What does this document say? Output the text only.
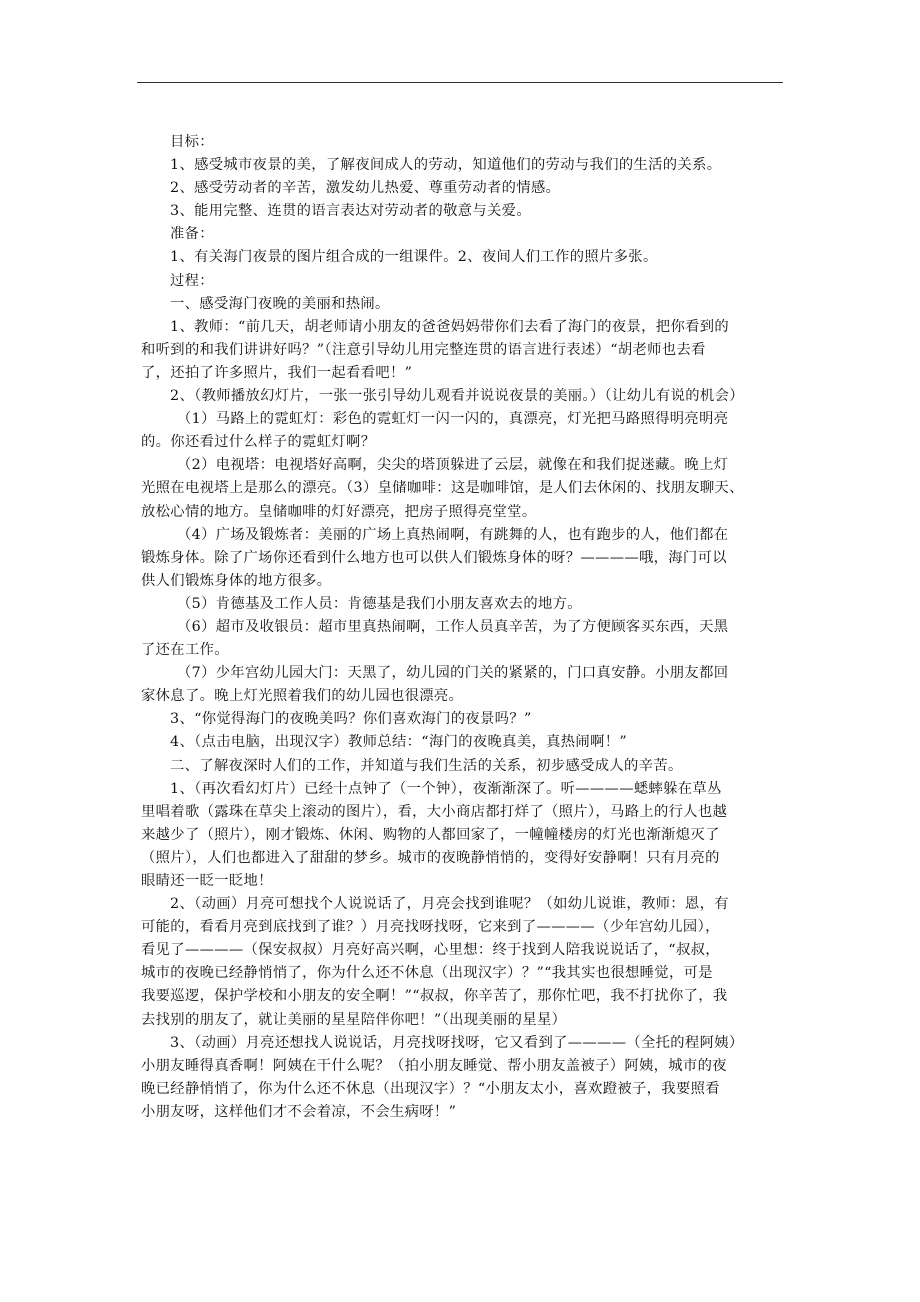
目标：
1、感受城市夜景的美，了解夜间成人的劳动，知道他们的劳动与我们的生活的关系。
2、感受劳动者的辛苦，激发幼儿热爱、尊重劳动者的情感。
3、能用完整、连贯的语言表达对劳动者的敬意与关爱。
准备：
1、有关海门夜景的图片组合成的一组课件。2、夜间人们工作的照片多张。
过程：
一、感受海门夜晚的美丽和热闹。
1、教师：“前几天，胡老师请小朋友的爸爸妈妈带你们去看了海门的夜景，把你看到的
和听到的和我们讲讲好吗？”（注意引导幼儿用完整连贯的语言进行表述）“胡老师也去看
了，还拍了许多照片，我们一起看看吧！”
2、（教师播放幻灯片，一张一张引导幼儿观看并说说夜景的美丽。）（让幼儿有说的机会）
（1）马路上的霓虹灯：彩色的霓虹灯一闪一闪的，真漂亮，灯光把马路照得明亮明亮
的。你还看过什么样子的霓虹灯啊？
（2）电视塔：电视塔好高啊，尖尖的塔顶躲进了云层，就像在和我们捉迷藏。晚上灯
光照在电视塔上是那么的漂亮。（3）皇储咖啡：这是咖啡馆，是人们去休闲的、找朋友聊天、
放松心情的地方。皇储咖啡的灯好漂亮，把房子照得亮堂堂。
（4）广场及锻炼者：美丽的广场上真热闹啊，有跳舞的人，也有跑步的人，他们都在
锻炼身体。除了广场你还看到什么地方也可以供人们锻炼身体的呀？————哦，海门可以
供人们锻炼身体的地方很多。
（5）肯德基及工作人员：肯德基是我们小朋友喜欢去的地方。
（6）超市及收银员：超市里真热闹啊，工作人员真辛苦，为了方便顾客买东西，天黑
了还在工作。
（7）少年宫幼儿园大门：天黑了，幼儿园的门关的紧紧的，门口真安静。小朋友都回
家休息了。晚上灯光照着我们的幼儿园也很漂亮。
3、“你觉得海门的夜晚美吗？你们喜欢海门的夜景吗？”
4、（点击电脑，出现汉字）教师总结：“海门的夜晚真美，真热闹啊！”
二、了解夜深时人们的工作，并知道与我们生活的关系，初步感受成人的辛苦。
1、（再次看幻灯片）已经十点钟了（一个钟），夜渐渐深了。听————蟋蟀躲在草丛
里唱着歌（露珠在草尖上滚动的图片），看，大小商店都打烊了（照片），马路上的行人也越
来越少了（照片），刚才锻炼、休闲、购物的人都回家了，一幢幢楼房的灯光也渐渐熄灭了
（照片），人们也都进入了甜甜的梦乡。城市的夜晚静悄悄的，变得好安静啊！只有月亮的
眼睛还一眨一眨地！
2、（动画）月亮可想找个人说说话了，月亮会找到谁呢？（如幼儿说谁，教师：恩，有
可能的，看看月亮到底找到了谁？）月亮找呀找呀，它来到了————（少年宫幼儿园），
看见了————（保安叔叔）月亮好高兴啊，心里想：终于找到人陪我说说话了，“叔叔，
城市的夜晚已经静悄悄了，你为什么还不休息（出现汉字）？”“我其实也很想睡觉，可是
我要巡逻，保护学校和小朋友的安全啊！”“叔叔，你辛苦了，那你忙吧，我不打扰你了，我
去找别的朋友了，就让美丽的星星陪伴你吧！”（出现美丽的星星）
3、（动画）月亮还想找人说说话，月亮找呀找呀，它又看到了————（全托的程阿姨）
小朋友睡得真香啊！阿姨在干什么呢？（拍小朋友睡觉、帮小朋友盖被子）阿姨，城市的夜
晚已经静悄悄了，你为什么还不休息（出现汉字）？“小朋友太小，喜欢蹬被子，我要照看
小朋友呀，这样他们才不会着凉，不会生病呀！”
